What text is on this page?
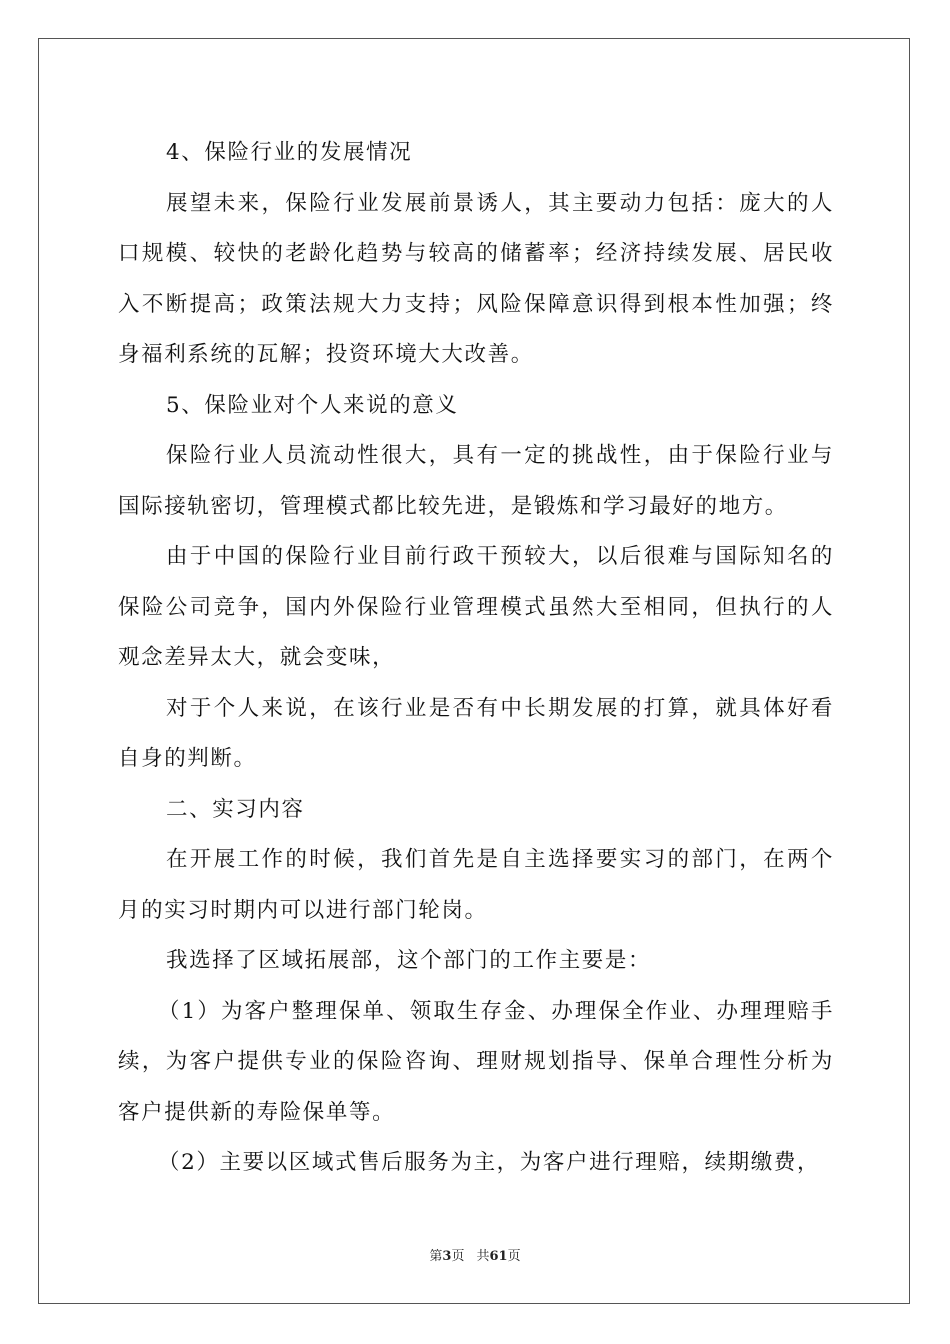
4、保险行业的发展情况

展望未来，保险行业发展前景诱人，其主要动力包括：庞大的人口规模、较快的老龄化趋势与较高的储蓄率；经济持续发展、居民收入不断提高；政策法规大力支持；风险保障意识得到根本性加强；终身福利系统的瓦解；投资环境大大改善。

5、保险业对个人来说的意义

保险行业人员流动性很大，具有一定的挑战性，由于保险行业与国际接轨密切，管理模式都比较先进，是锻炼和学习最好的地方。

由于中国的保险行业目前行政干预较大，以后很难与国际知名的保险公司竞争，国内外保险行业管理模式虽然大至相同，但执行的人观念差异太大，就会变味，

对于个人来说，在该行业是否有中长期发展的打算，就具体好看自身的判断。

二、实习内容

在开展工作的时候，我们首先是自主选择要实习的部门，在两个月的实习时期内可以进行部门轮岗。

我选择了区域拓展部，这个部门的工作主要是：

（1）为客户整理保单、领取生存金、办理保全作业、办理理赔手续，为客户提供专业的保险咨询、理财规划指导、保单合理性分析为客户提供新的寿险保单等。

（2）主要以区域式售后服务为主，为客户进行理赔，续期缴费，

第3页 共61页
